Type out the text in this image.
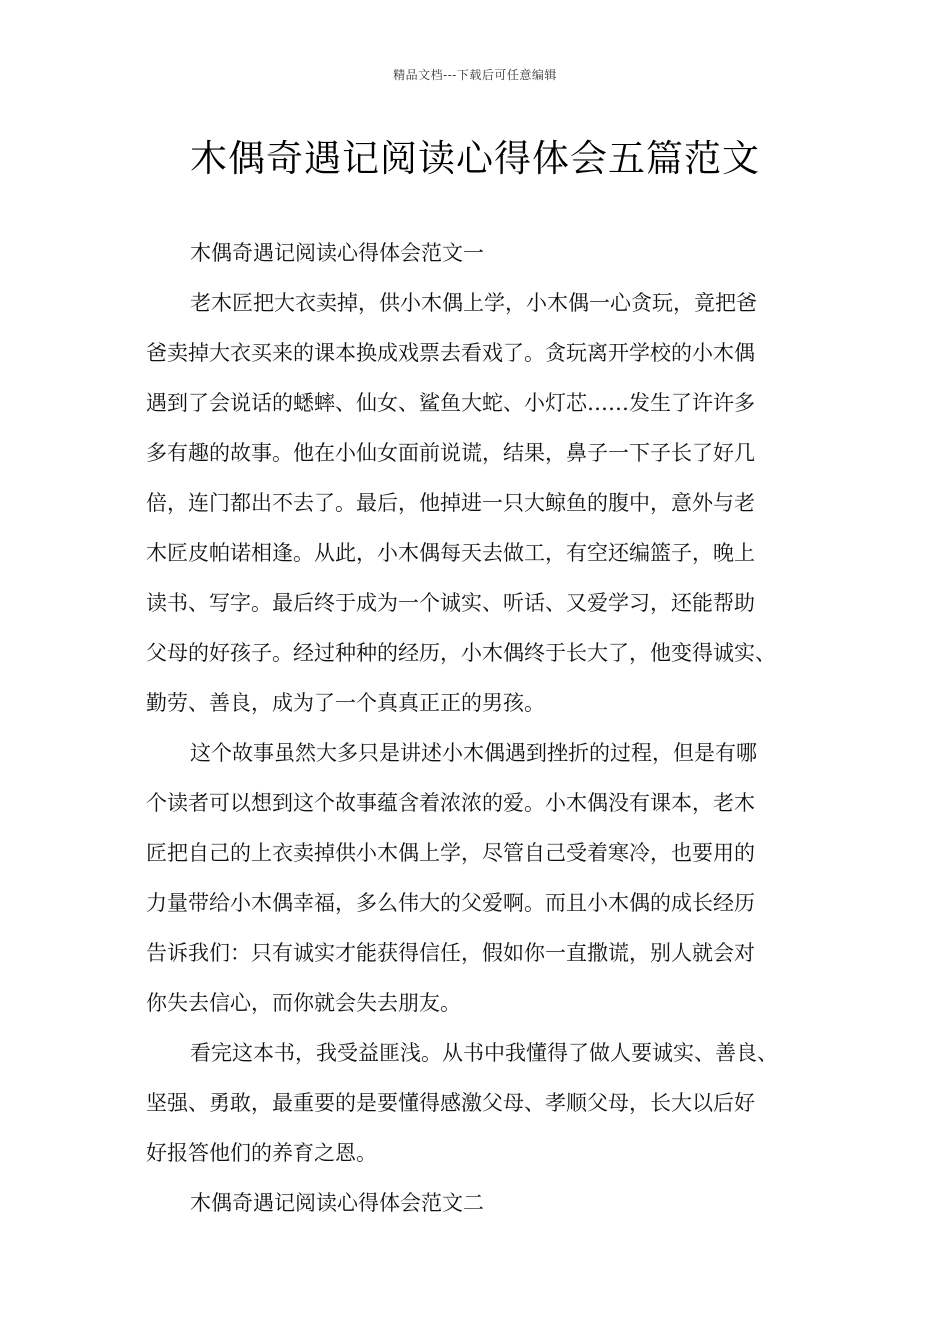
精品文档---下载后可任意编辑
木偶奇遇记阅读心得体会五篇范文
木偶奇遇记阅读心得体会范文一
老木匠把大衣卖掉，供小木偶上学，小木偶一心贪玩，竟把爸
爸卖掉大衣买来的课本换成戏票去看戏了。贪玩离开学校的小木偶
遇到了会说话的蟋蟀、仙女、鲨鱼大蛇、小灯芯……发生了许许多
多有趣的故事。他在小仙女面前说谎，结果，鼻子一下子长了好几
倍，连门都出不去了。最后，他掉进一只大鲸鱼的腹中，意外与老
木匠皮帕诺相逢。从此，小木偶每天去做工，有空还编篮子，晚上
读书、写字。最后终于成为一个诚实、听话、又爱学习，还能帮助
父母的好孩子。经过种种的经历，小木偶终于长大了，他变得诚实、
勤劳、善良，成为了一个真真正正的男孩。
这个故事虽然大多只是讲述小木偶遇到挫折的过程，但是有哪
个读者可以想到这个故事蕴含着浓浓的爱。小木偶没有课本，老木
匠把自己的上衣卖掉供小木偶上学，尽管自己受着寒冷，也要用的
力量带给小木偶幸福，多么伟大的父爱啊。而且小木偶的成长经历
告诉我们：只有诚实才能获得信任，假如你一直撒谎，别人就会对
你失去信心，而你就会失去朋友。
看完这本书，我受益匪浅。从书中我懂得了做人要诚实、善良、
坚强、勇敢，最重要的是要懂得感激父母、孝顺父母，长大以后好
好报答他们的养育之恩。
木偶奇遇记阅读心得体会范文二
